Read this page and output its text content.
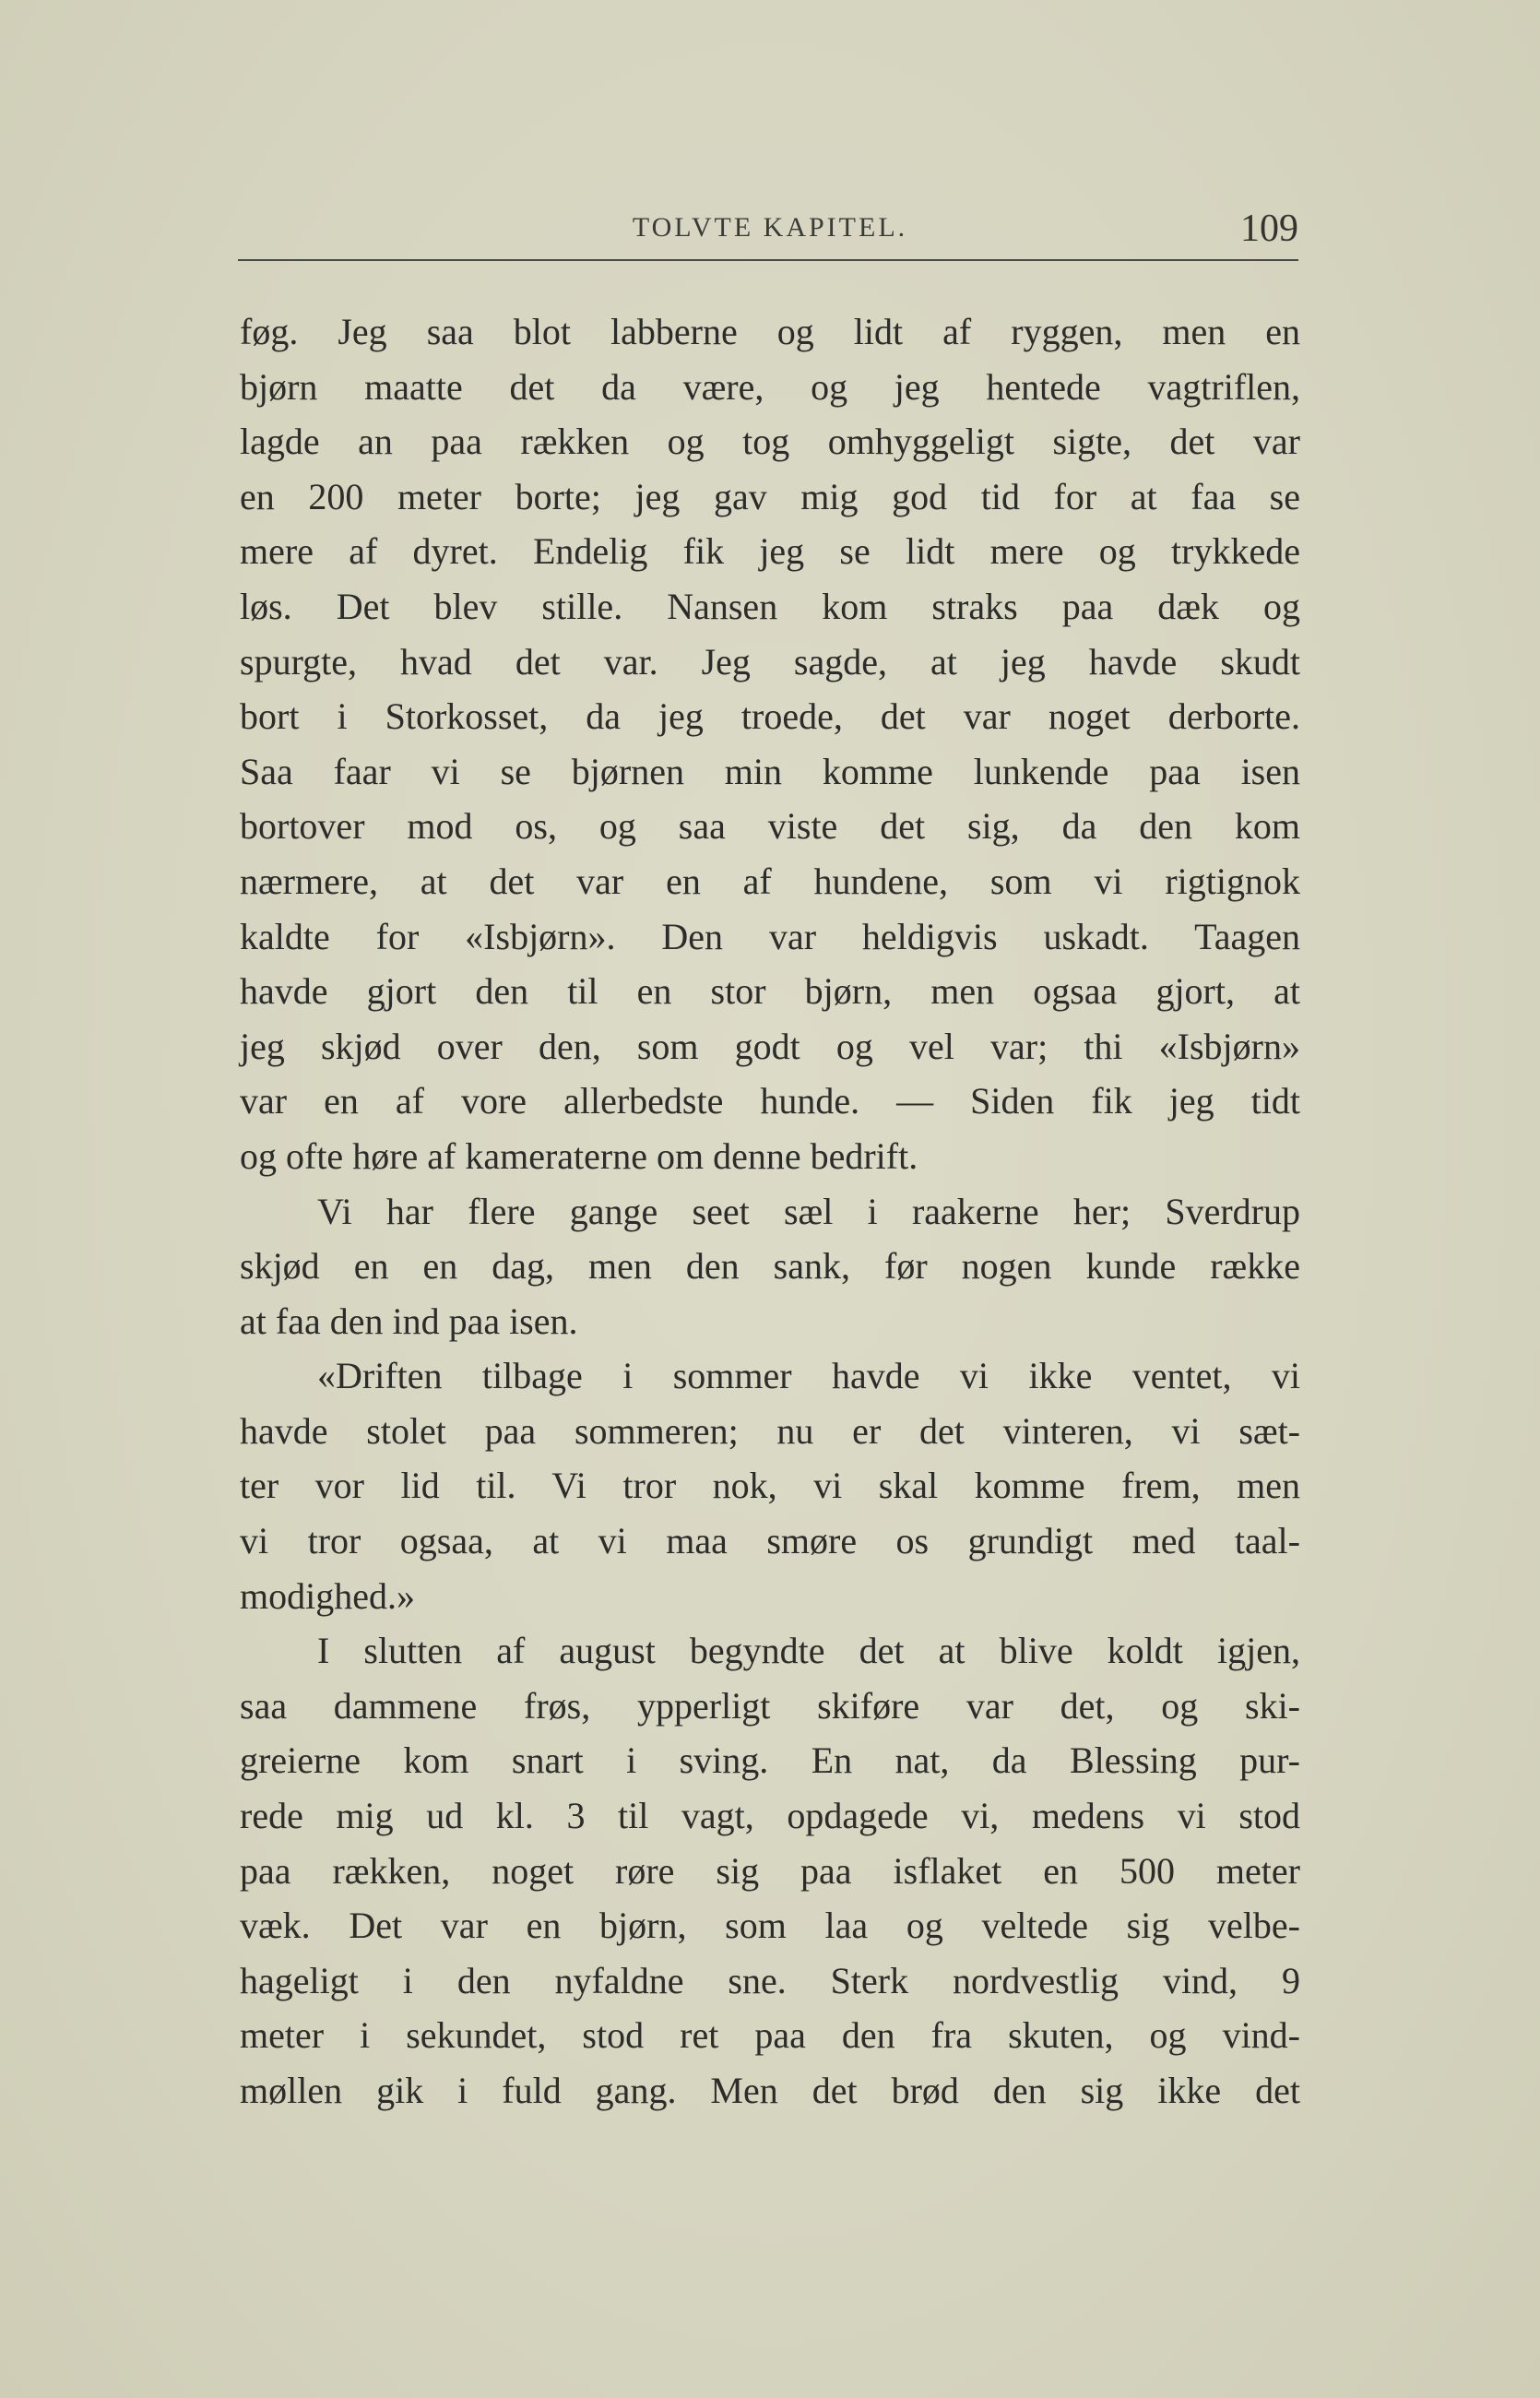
TOLVTE KAPITEL.	109
føg. Jeg saa blot labberne og lidt af ryggen, men en
bjørn maatte det da være, og jeg hentede vagtriflen,
lagde an paa rækken og tog omhyggeligt sigte, det var
en 200 meter borte; jeg gav mig god tid for at faa se
mere af dyret. Endelig fik jeg se lidt mere og trykkede
løs. Det blev stille. Nansen kom straks paa dæk og
spurgte, hvad det var. Jeg sagde, at jeg havde skudt
bort i Storkosset, da jeg troede, det var noget derborte.
Saa faar vi se bjørnen min komme lunkende paa isen
bortover mod os, og saa viste det sig, da den kom
nærmere, at det var en af hundene, som vi rigtignok
kaldte for «Isbjørn». Den var heldigvis uskadt. Taagen
havde gjort den til en stor bjørn, men ogsaa gjort, at
jeg skjød over den, som godt og vel var; thi «Isbjørn»
var en af vore allerbedste hunde. — Siden fik jeg tidt
og ofte høre af kameraterne om denne bedrift.
Vi har flere gange seet sæl i raakerne her; Sverdrup
skjød en en dag, men den sank, før nogen kunde række
at faa den ind paa isen.
«Driften tilbage i sommer havde vi ikke ventet, vi
havde stolet paa sommeren; nu er det vinteren, vi sæt-
ter vor lid til. Vi tror nok, vi skal komme frem, men
vi tror ogsaa, at vi maa smøre os grundigt med taal-
modighed.»
I slutten af august begyndte det at blive koldt igjen,
saa dammene frøs, ypperligt skiføre var det, og ski-
greierne kom snart i sving. En nat, da Blessing pur-
rede mig ud kl. 3 til vagt, opdagede vi, medens vi stod
paa rækken, noget røre sig paa isflaket en 500 meter
væk. Det var en bjørn, som laa og veltede sig velbe-
hageligt i den nyfaldne sne. Sterk nordvestlig vind, 9
meter i sekundet, stod ret paa den fra skuten, og vind-
møllen gik i fuld gang. Men det brød den sig ikke det
